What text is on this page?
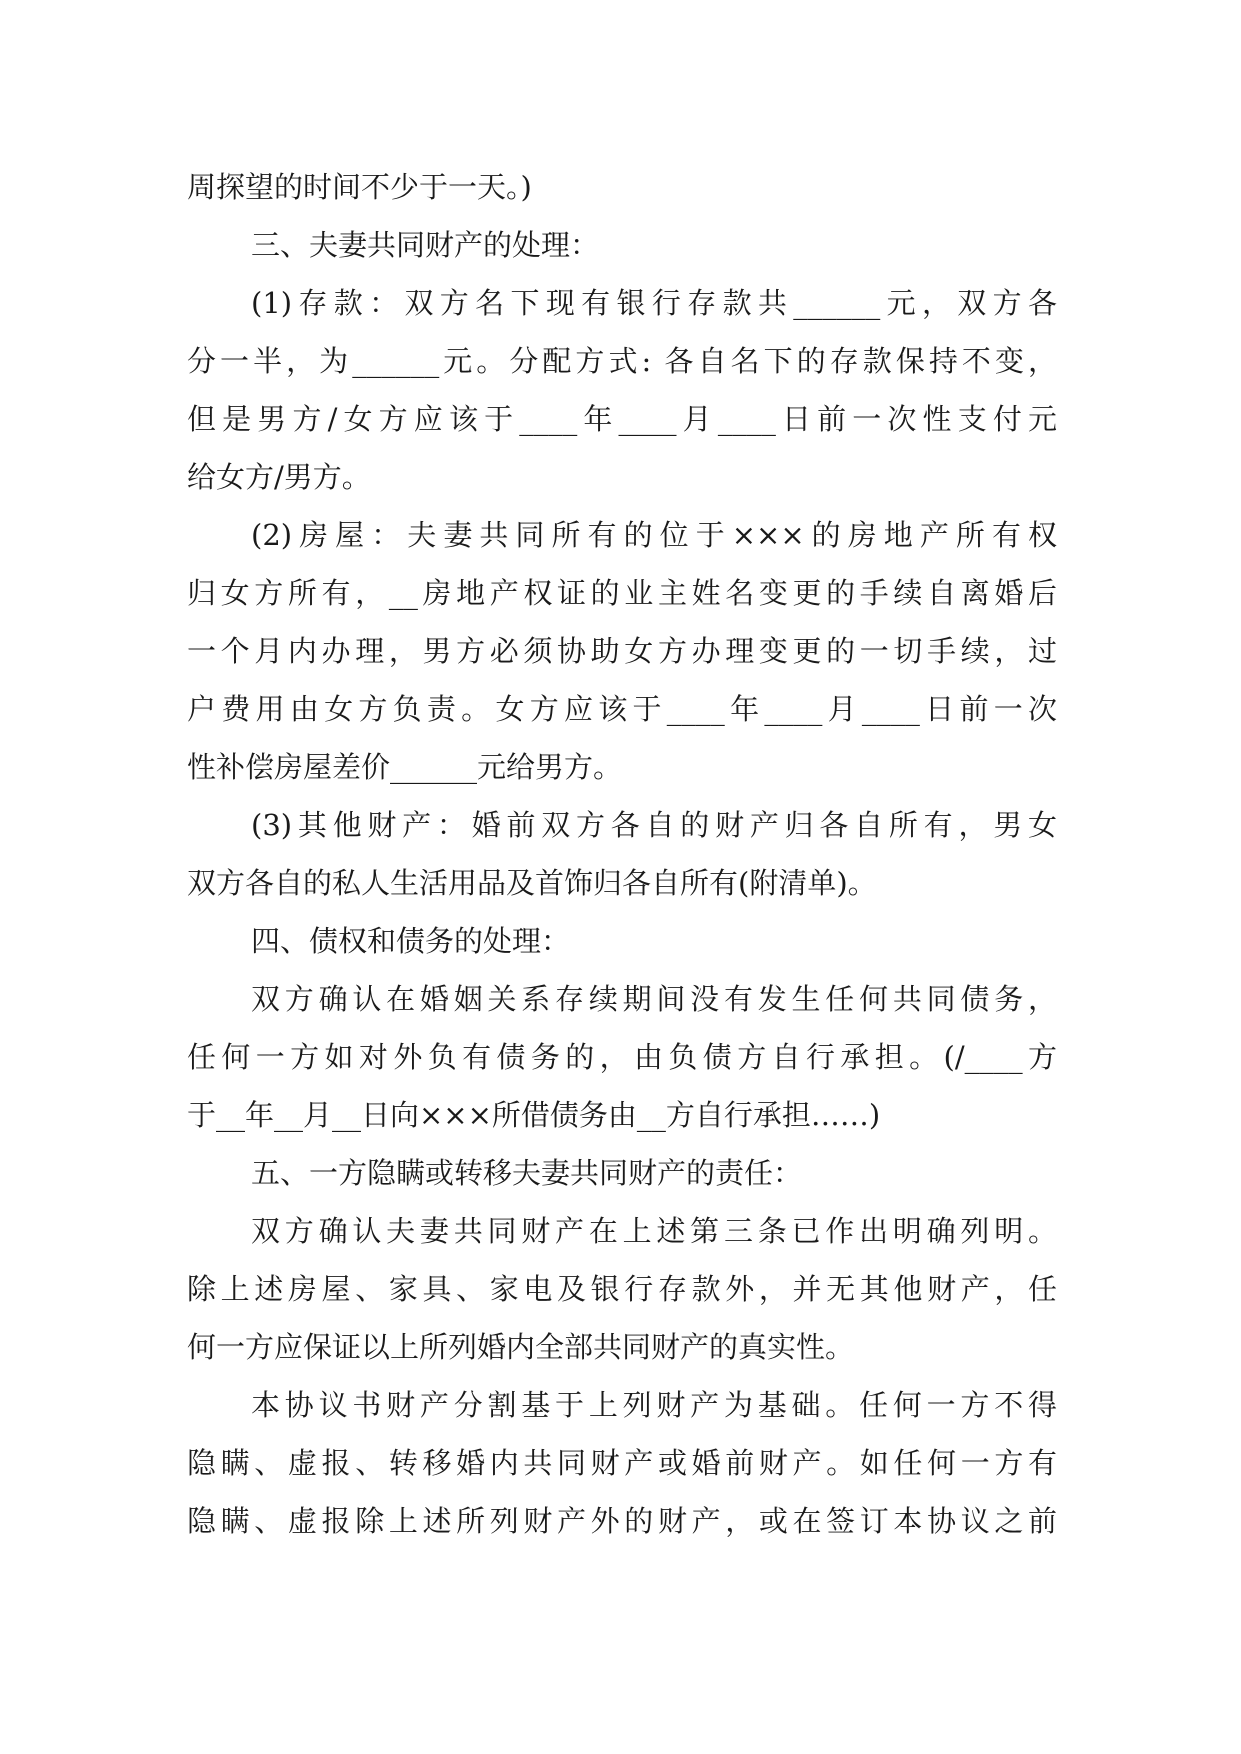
周探望的时间不少于一天。)
三、夫妻共同财产的处理：
(1)存款：双方名下现有银行存款共______元，双方各
分一半，为______元。分配方式: 各自名下的存款保持不变，
但是男方/女方应该于____年____月____日前一次性支付元
给女方/男方。
(2)房屋：夫妻共同所有的位于×××的房地产所有权
归女方所有，__房地产权证的业主姓名变更的手续自离婚后
一个月内办理，男方必须协助女方办理变更的一切手续，过
户费用由女方负责。女方应该于____年____月____日前一次
性补偿房屋差价______元给男方。
(3)其他财产：婚前双方各自的财产归各自所有，男女
双方各自的私人生活用品及首饰归各自所有(附清单)。
四、债权和债务的处理：
双方确认在婚姻关系存续期间没有发生任何共同债务，
任何一方如对外负有债务的，由负债方自行承担。(/____方
于__年__月__日向×××所借债务由__方自行承担……)
五、一方隐瞒或转移夫妻共同财产的责任：
双方确认夫妻共同财产在上述第三条已作出明确列明。
除上述房屋、家具、家电及银行存款外，并无其他财产，任
何一方应保证以上所列婚内全部共同财产的真实性。
本协议书财产分割基于上列财产为基础。任何一方不得
隐瞒、虚报、转移婚内共同财产或婚前财产。如任何一方有
隐瞒、虚报除上述所列财产外的财产，或在签订本协议之前
